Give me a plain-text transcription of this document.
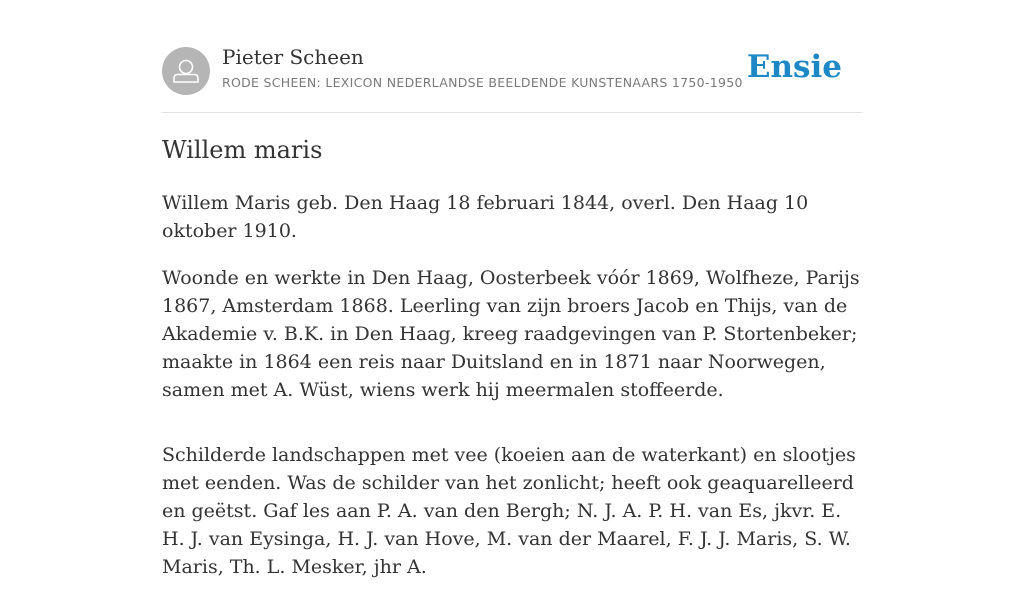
Pieter Scheen
RODE SCHEEN: LEXICON NEDERLANDSE BEELDENDE KUNSTENAARS 1750-1950 Ensie
Willem maris

Willem Maris geb. Den Haag 18 februari 1844, overl. Den Haag 10 oktober 1910.

Woonde en werkte in Den Haag, Oosterbeek vóór 1869, Wolfheze, Parijs 1867, Amsterdam 1868. Leerling van zijn broers Jacob en Thijs, van de Akademie v. B.K. in Den Haag, kreeg raadgevingen van P. Stortenbeker; maakte in 1864 een reis naar Duitsland en in 1871 naar Noorwegen, samen met A. Wüst, wiens werk hij meermalen stoffeerde.

Schilderde landschappen met vee (koeien aan de waterkant) en slootjes met eenden. Was de schilder van het zonlicht; heeft ook geaquarelleerd en geëtst. Gaf les aan P. A. van den Bergh; N. J. A. P. H. van Es, jkvr. E. H. J. van Eysinga, H. J. van Hove, M. van der Maarel, F. J. J. Maris, S. W. Maris, Th. L. Mesker, jhr A.
